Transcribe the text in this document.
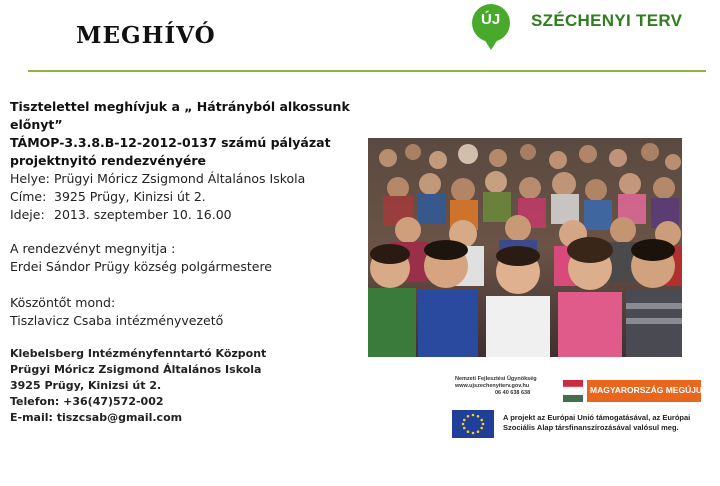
MEGHÍVÓ
ÚJ SZÉCHENYI TERV
Tisztelettel meghívjuk a „ Hátrányból alkossunk előnyt”
TÁMOP-3.3.8.B-12-2012-0137 számú pályázat
projektnyitó rendezvényére
Helye: Prügyi Móricz Zsigmond Általános Iskola
Címe: 3925 Prügy, Kinizsi út 2.
Ideje: 2013. szeptember 10. 16.00
A rendezvényt megnyitja :
Erdei Sándor Prügy község polgármestere
Köszöntőt mond:
Tiszlavicz Csaba intézményvezető
Klebelsberg Intézményfenntartó Központ
Prügyi Móricz Zsigmond Általános Iskola
3925 Prügy, Kinizsi út 2.
Telefon: +36(47)572-002
E-mail: tiszcsab@gmail.com
Nemzeti Fejlesztési Ügynökség
www.ujszechenyiterv.gov.hu
06 40 638 638	MAGYARORSZÁG MEGÚJUL
A projekt az Európai Unió támogatásával, az Európai
Szociális Alap társfinanszírozásával valósul meg.
